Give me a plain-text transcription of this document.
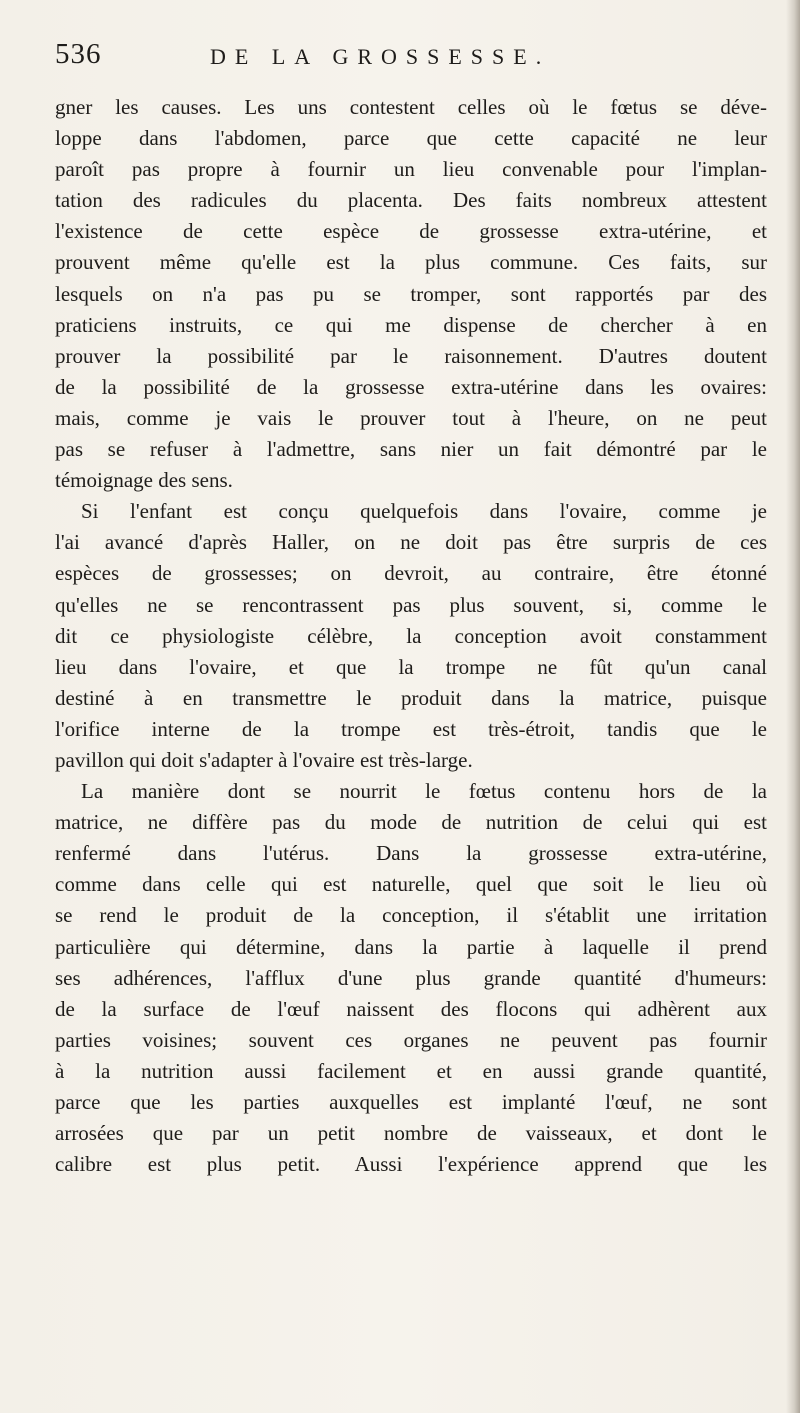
536	DE LA GROSSESSE.
gner les causes. Les uns contestent celles où le fœtus se déve-
loppe dans l'abdomen, parce que cette capacité ne leur
paroît pas propre à fournir un lieu convenable pour l'implan-
tation des radicules du placenta. Des faits nombreux attestent
l'existence de cette espèce de grossesse extra-utérine, et
prouvent même qu'elle est la plus commune. Ces faits, sur
lesquels on n'a pas pu se tromper, sont rapportés par des
praticiens instruits, ce qui me dispense de chercher à en
prouver la possibilité par le raisonnement. D'autres doutent
de la possibilité de la grossesse extra-utérine dans les ovaires:
mais, comme je vais le prouver tout à l'heure, on ne peut
pas se refuser à l'admettre, sans nier un fait démontré par le
témoignage des sens.
Si l'enfant est conçu quelquefois dans l'ovaire, comme je
l'ai avancé d'après Haller, on ne doit pas être surpris de ces
espèces de grossesses; on devroit, au contraire, être étonné
qu'elles ne se rencontrassent pas plus souvent, si, comme le
dit ce physiologiste célèbre, la conception avoit constamment
lieu dans l'ovaire, et que la trompe ne fût qu'un canal
destiné à en transmettre le produit dans la matrice, puisque
l'orifice interne de la trompe est très-étroit, tandis que le
pavillon qui doit s'adapter à l'ovaire est très-large.
La manière dont se nourrit le fœtus contenu hors de la
matrice, ne diffère pas du mode de nutrition de celui qui est
renfermé dans l'utérus. Dans la grossesse extra-utérine,
comme dans celle qui est naturelle, quel que soit le lieu où
se rend le produit de la conception, il s'établit une irritation
particulière qui détermine, dans la partie à laquelle il prend
ses adhérences, l'afflux d'une plus grande quantité d'humeurs:
de la surface de l'œuf naissent des flocons qui adhèrent aux
parties voisines; souvent ces organes ne peuvent pas fournir
à la nutrition aussi facilement et en aussi grande quantité,
parce que les parties auxquelles est implanté l'œuf, ne sont
arrosées que par un petit nombre de vaisseaux, et dont le
calibre est plus petit. Aussi l'expérience apprend que les
